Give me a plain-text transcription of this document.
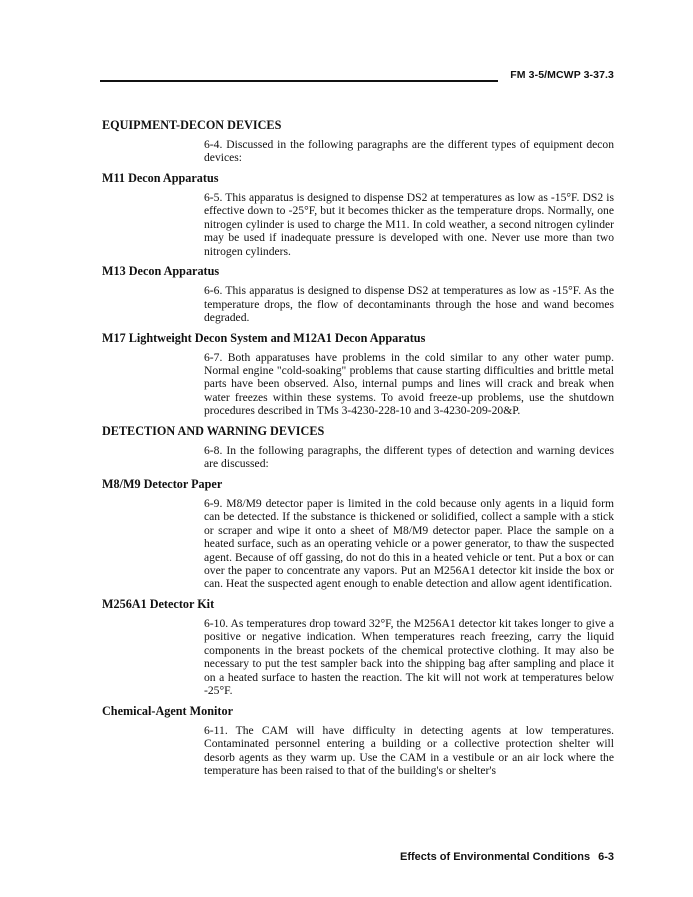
FM 3-5/MCWP 3-37.3
EQUIPMENT-DECON DEVICES
6-4. Discussed in the following paragraphs are the different types of equipment decon devices:
M11 Decon Apparatus
6-5. This apparatus is designed to dispense DS2 at temperatures as low as -15°F. DS2 is effective down to -25°F, but it becomes thicker as the temperature drops. Normally, one nitrogen cylinder is used to charge the M11. In cold weather, a second nitrogen cylinder may be used if inadequate pressure is developed with one. Never use more than two nitrogen cylinders.
M13 Decon Apparatus
6-6. This apparatus is designed to dispense DS2 at temperatures as low as -15°F. As the temperature drops, the flow of decontaminants through the hose and wand becomes degraded.
M17 Lightweight Decon System and M12A1 Decon Apparatus
6-7. Both apparatuses have problems in the cold similar to any other water pump. Normal engine "cold-soaking" problems that cause starting difficulties and brittle metal parts have been observed. Also, internal pumps and lines will crack and break when water freezes within these systems. To avoid freeze-up problems, use the shutdown procedures described in TMs 3-4230-228-10 and 3-4230-209-20&P.
DETECTION AND WARNING DEVICES
6-8. In the following paragraphs, the different types of detection and warning devices are discussed:
M8/M9 Detector Paper
6-9. M8/M9 detector paper is limited in the cold because only agents in a liquid form can be detected. If the substance is thickened or solidified, collect a sample with a stick or scraper and wipe it onto a sheet of M8/M9 detector paper. Place the sample on a heated surface, such as an operating vehicle or a power generator, to thaw the suspected agent. Because of off gassing, do not do this in a heated vehicle or tent. Put a box or can over the paper to concentrate any vapors. Put an M256A1 detector kit inside the box or can. Heat the suspected agent enough to enable detection and allow agent identification.
M256A1 Detector Kit
6-10. As temperatures drop toward 32°F, the M256A1 detector kit takes longer to give a positive or negative indication. When temperatures reach freezing, carry the liquid components in the breast pockets of the chemical protective clothing. It may also be necessary to put the test sampler back into the shipping bag after sampling and place it on a heated surface to hasten the reaction. The kit will not work at temperatures below -25°F.
Chemical-Agent Monitor
6-11. The CAM will have difficulty in detecting agents at low temperatures. Contaminated personnel entering a building or a collective protection shelter will desorb agents as they warm up. Use the CAM in a vestibule or an air lock where the temperature has been raised to that of the building's or shelter's
Effects of Environmental Conditions 6-3
